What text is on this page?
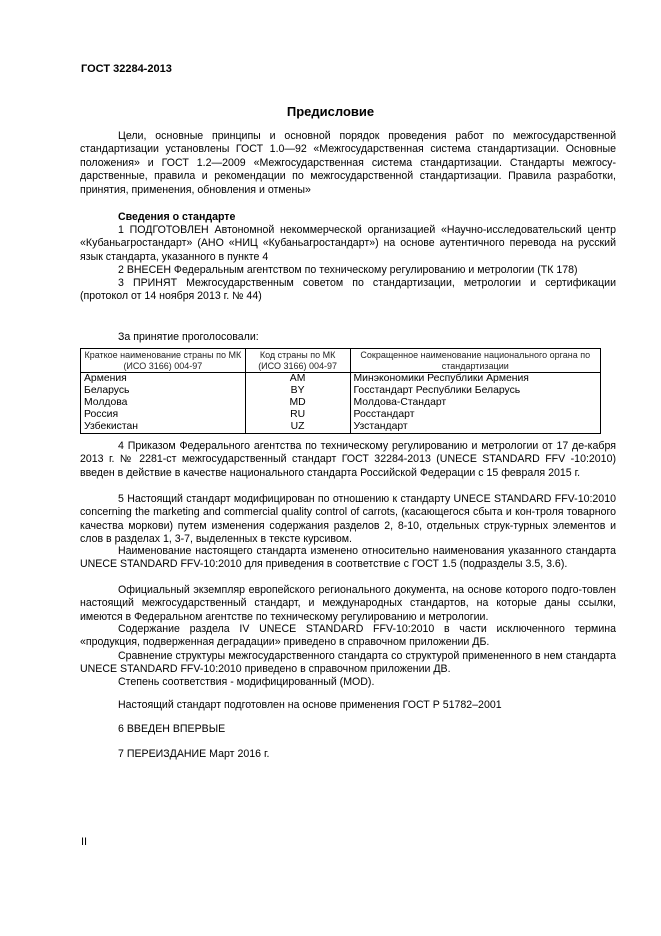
ГОСТ 32284-2013
Предисловие
Цели, основные принципы и основной порядок проведения работ по межгосударственной стандартизации установлены ГОСТ 1.0—92 «Межгосударственная система стандартизации. Основные положения» и ГОСТ 1.2—2009 «Межгосударственная система стандартизации. Стандарты межгосу-дарственные, правила и рекомендации по межгосударственной стандартизации. Правила разработки, принятия, применения, обновления и отмены»
Сведения о стандарте
1 ПОДГОТОВЛЕН Автономной некоммерческой организацией «Научно-исследовательский центр «Кубаньагростандарт» (АНО «НИЦ «Кубаньагростандарт») на основе аутентичного перевода на русский язык стандарта, указанного в пункте 4
2 ВНЕСЕН Федеральным агентством по техническому регулированию и метрологии (ТК 178)
3 ПРИНЯТ Межгосударственным советом по стандартизации, метрологии и сертификации (протокол от 14 ноября 2013 г. № 44)
За принятие проголосовали:
Краткое наименование страны по МК (ИСО 3166) 004-97	Код страны по МК (ИСО 3166) 004-97	Сокращенное наименование национального органа по стандартизации
Армения	AM	Минэкономики Республики Армения
Беларусь	BY	Госстандарт Республики Беларусь
Молдова	MD	Молдова-Стандарт
Россия	RU	Росстандарт
Узбекистан	UZ	Узстандарт
4 Приказом Федерального агентства по техническому регулированию и метрологии от 17 де-кабря 2013 г. № 2281-ст межгосударственный стандарт ГОСТ 32284-2013 (UNECE STANDARD FFV -10:2010) введен в действие в качестве национального стандарта Российской Федерации с 15 февраля 2015 г.
5 Настоящий стандарт модифицирован по отношению к стандарту UNECE STANDARD FFV-10:2010 concerning the marketing and commercial quality control of carrots, (касающегося сбыта и кон-троля товарного качества моркови) путем изменения содержания разделов 2, 8-10, отдельных струк-турных элементов и слов в разделах 1, 3-7, выделенных в тексте курсивом.
Наименование настоящего стандарта изменено относительно наименования указанного стандарта UNECE STANDARD FFV-10:2010 для приведения в соответствие с ГОСТ 1.5 (подразделы 3.5, 3.6).
Официальный экземпляр европейского регионального документа, на основе которого подго-товлен настоящий межгосударственный стандарт, и международных стандартов, на которые даны ссылки, имеются в Федеральном агентстве по техническому регулированию и метрологии.
Содержание раздела IV UNECE STANDARD FFV-10:2010 в части исключенного термина «продукция, подверженная деградации» приведено в справочном приложении ДБ.
Сравнение структуры межгосударственного стандарта со структурой примененного в нем стандарта UNECE STANDARD FFV-10:2010 приведено в справочном приложении ДВ.
Степень соответствия - модифицированный (MOD).
Настоящий стандарт подготовлен на основе применения ГОСТ Р 51782–2001
6 ВВЕДЕН ВПЕРВЫЕ
7 ПЕРЕИЗДАНИЕ Март 2016 г.
II
